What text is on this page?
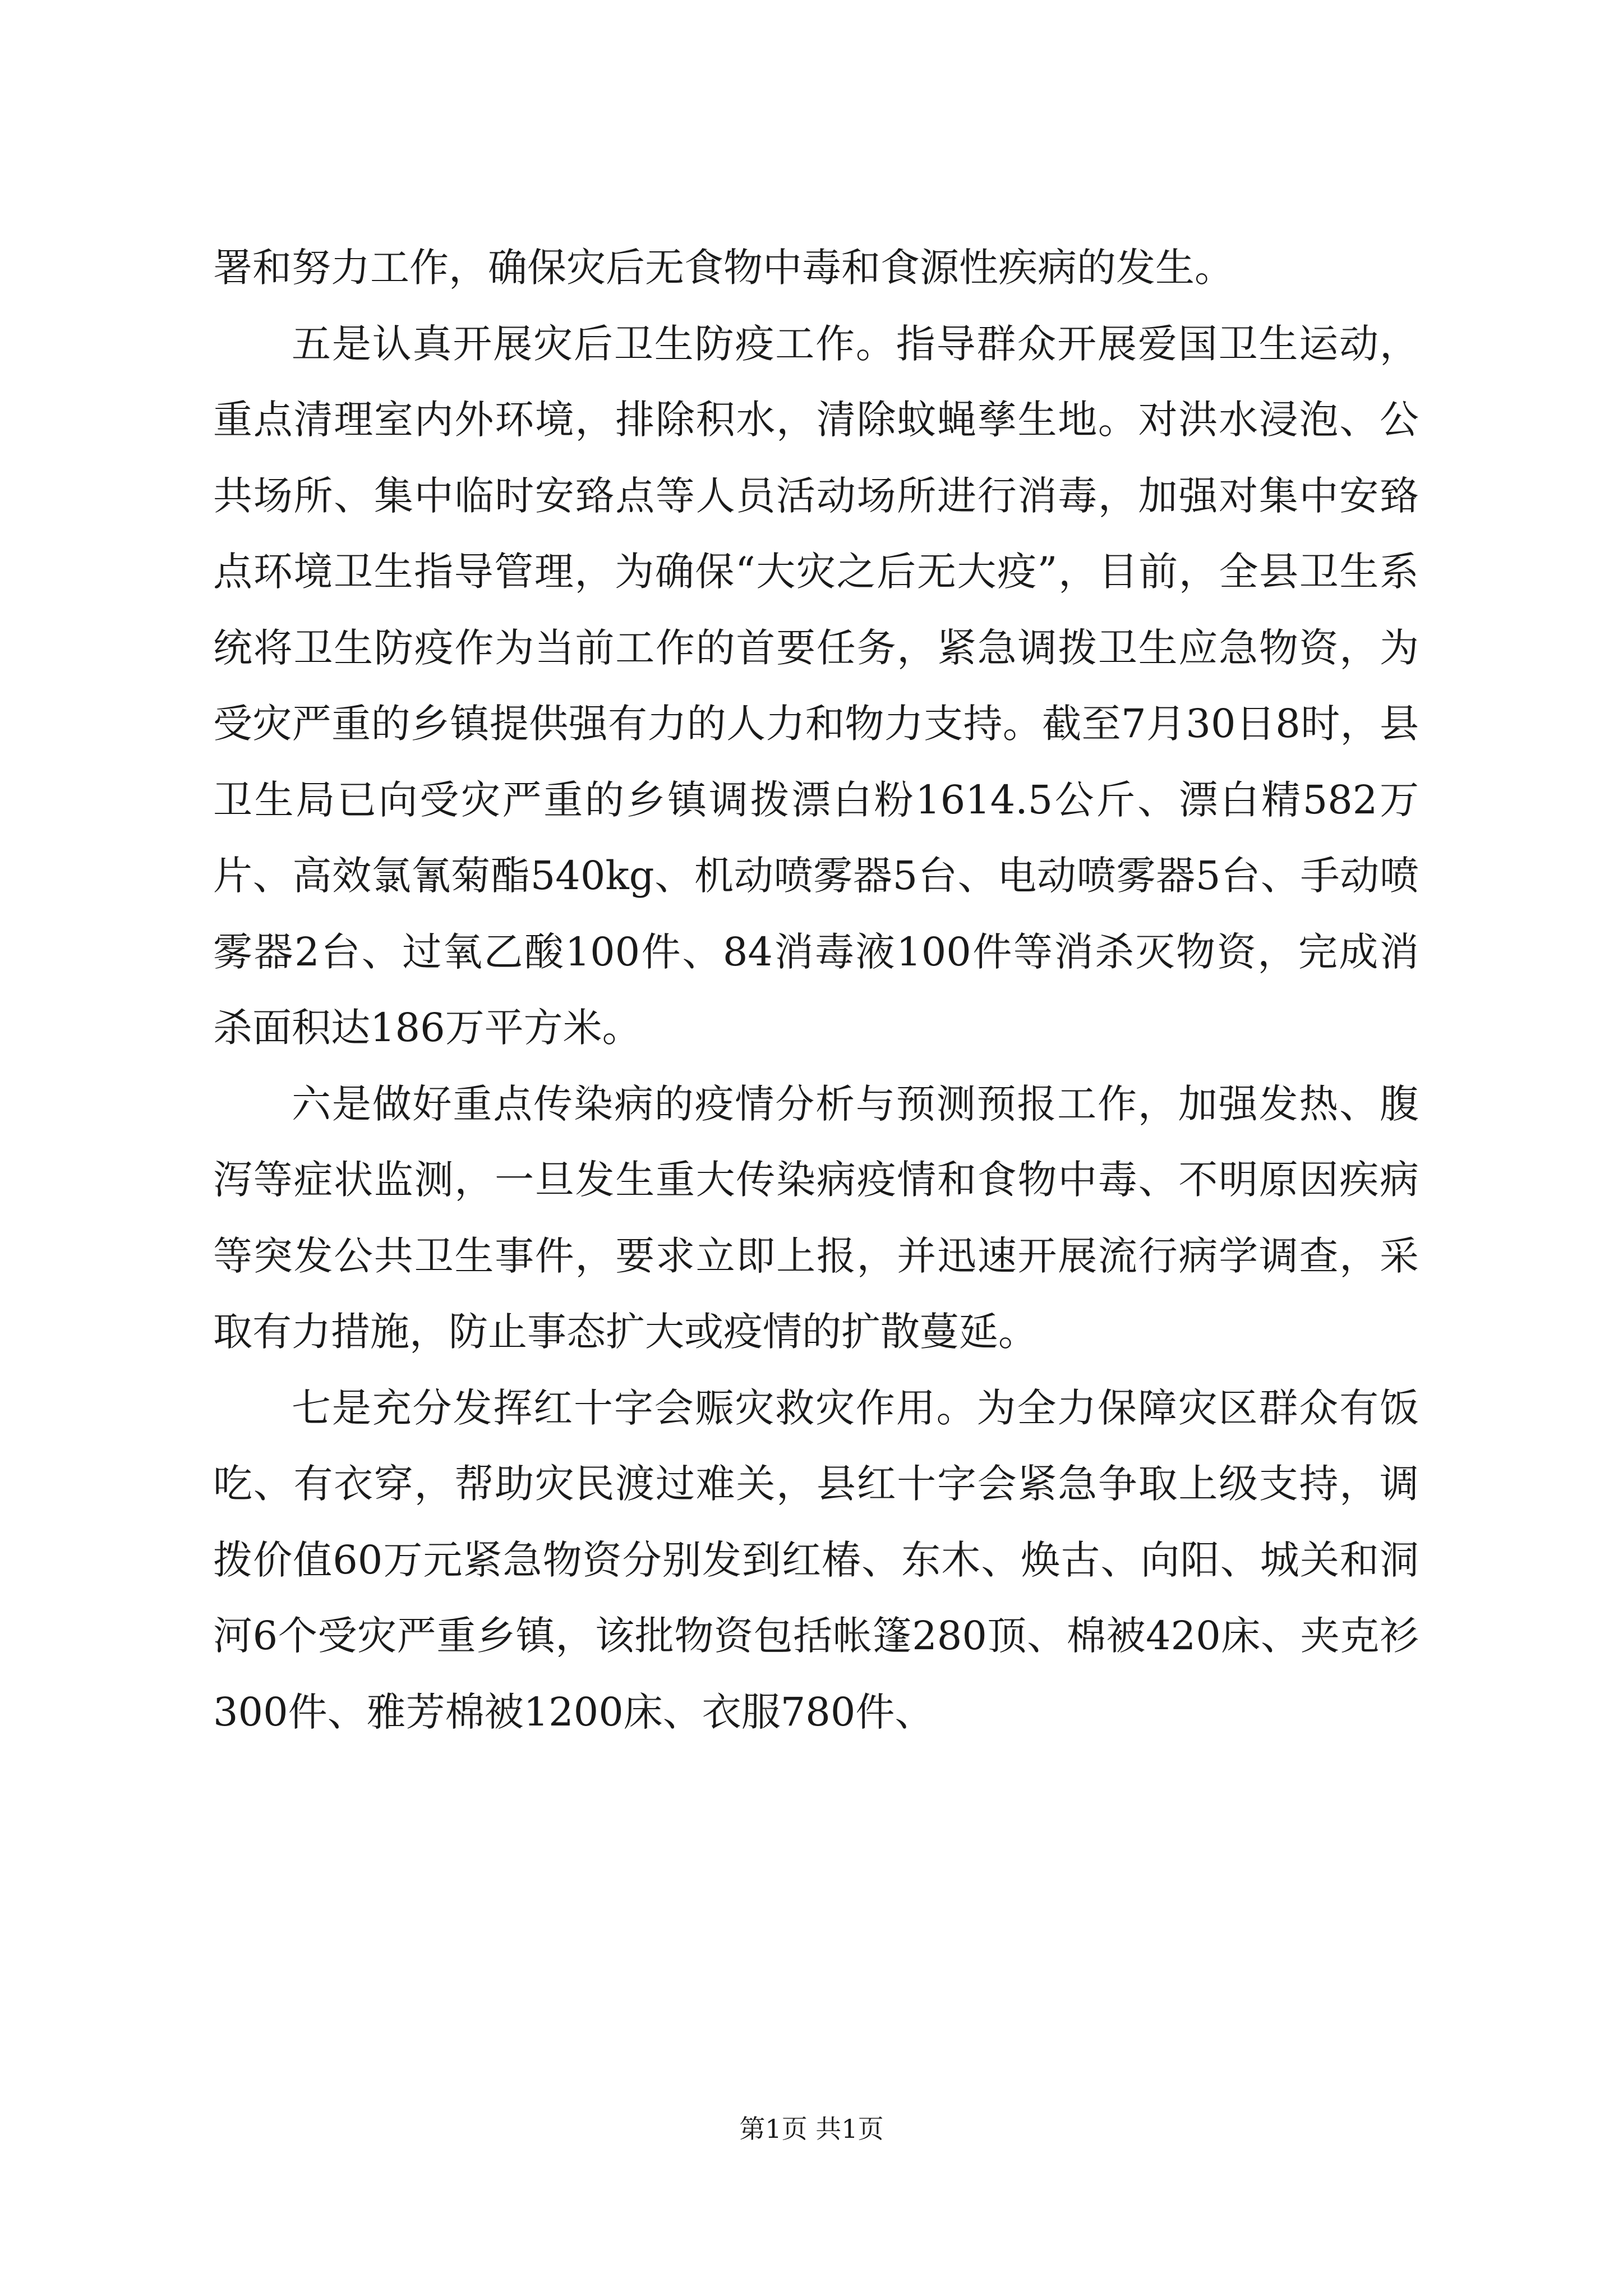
署和努力工作，确保灾后无食物中毒和食源性疾病的发生。

五是认真开展灾后卫生防疫工作。指导群众开展爱国卫生运动，重点清理室内外环境，排除积水，清除蚊蝇孳生地。对洪水浸泡、公共场所、集中临时安臵点等人员活动场所进行消毒，加强对集中安臵点环境卫生指导管理，为确保“大灾之后无大疫”，目前，全县卫生系统将卫生防疫作为当前工作的首要任务，紧急调拨卫生应急物资，为受灾严重的乡镇提供强有力的人力和物力支持。截至7月30日8时，县卫生局已向受灾严重的乡镇调拨漂白粉1614.5公斤、漂白精582万片、高效氯氰菊酯540kg、机动喷雾器5台、电动喷雾器5台、手动喷雾器2台、过氧乙酸100件、84消毒液100件等消杀灭物资，完成消杀面积达186万平方米。

六是做好重点传染病的疫情分析与预测预报工作，加强发热、腹泻等症状监测，一旦发生重大传染病疫情和食物中毒、不明原因疾病等突发公共卫生事件，要求立即上报，并迅速开展流行病学调查，采取有力措施，防止事态扩大或疫情的扩散蔓延。

七是充分发挥红十字会赈灾救灾作用。为全力保障灾区群众有饭吃、有衣穿，帮助灾民渡过难关，县红十字会紧急争取上级支持，调拨价值60万元紧急物资分别发到红椿、东木、焕古、向阳、城关和洞河6个受灾严重乡镇，该批物资包括帐篷280顶、棉被420床、夹克衫300件、雅芳棉被1200床、衣服780件、

第1页 共1页
